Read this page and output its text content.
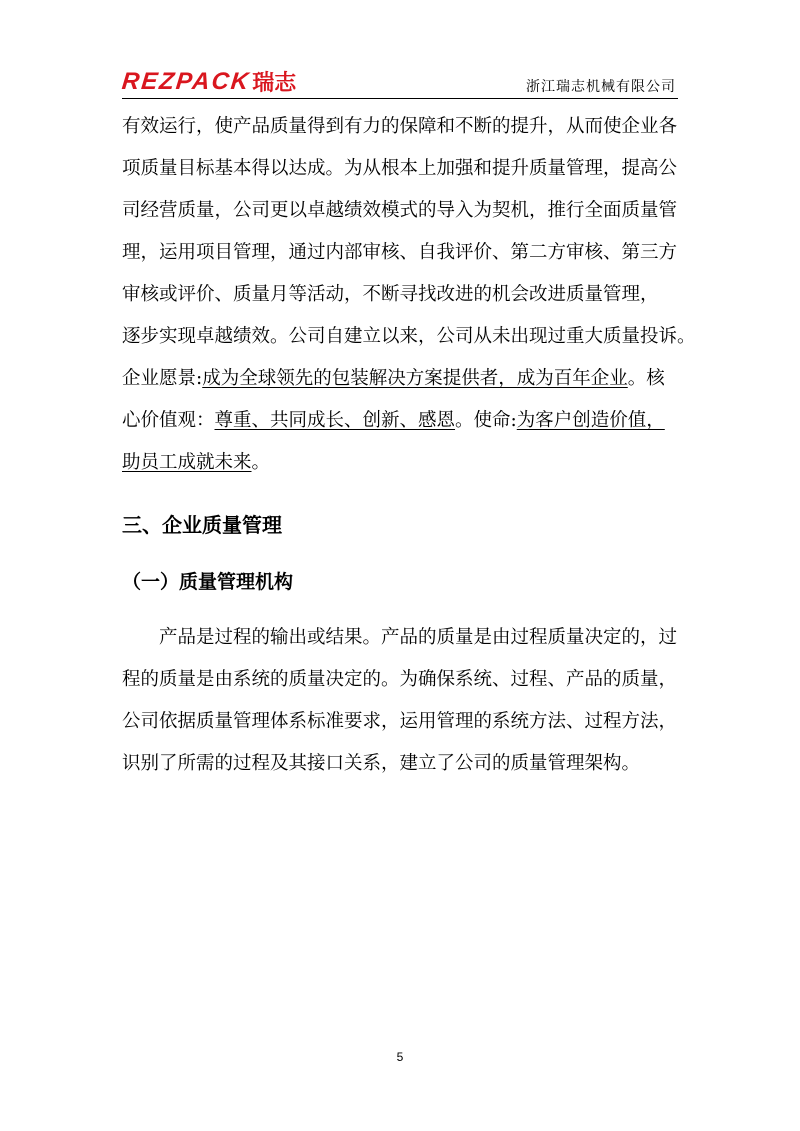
REZPACK 瑞志	浙江瑞志机械有限公司
有效运行，使产品质量得到有力的保障和不断的提升，从而使企业各
项质量目标基本得以达成。为从根本上加强和提升质量管理，提高公
司经营质量，公司更以卓越绩效模式的导入为契机，推行全面质量管
理，运用项目管理，通过内部审核、自我评价、第二方审核、第三方
审核或评价、质量月等活动，不断寻找改进的机会改进质量管理，
逐步实现卓越绩效。公司自建立以来，公司从未出现过重大质量投诉。
企业愿景:成为全球领先的包装解决方案提供者，成为百年企业。核
心价值观：尊重、共同成长、创新、感恩。使命:为客户创造价值，
助员工成就未来。
三、企业质量管理
（一）质量管理机构
　　产品是过程的输出或结果。产品的质量是由过程质量决定的，过
程的质量是由系统的质量决定的。为确保系统、过程、产品的质量，
公司依据质量管理体系标准要求，运用管理的系统方法、过程方法，
识别了所需的过程及其接口关系，建立了公司的质量管理架构。
5
